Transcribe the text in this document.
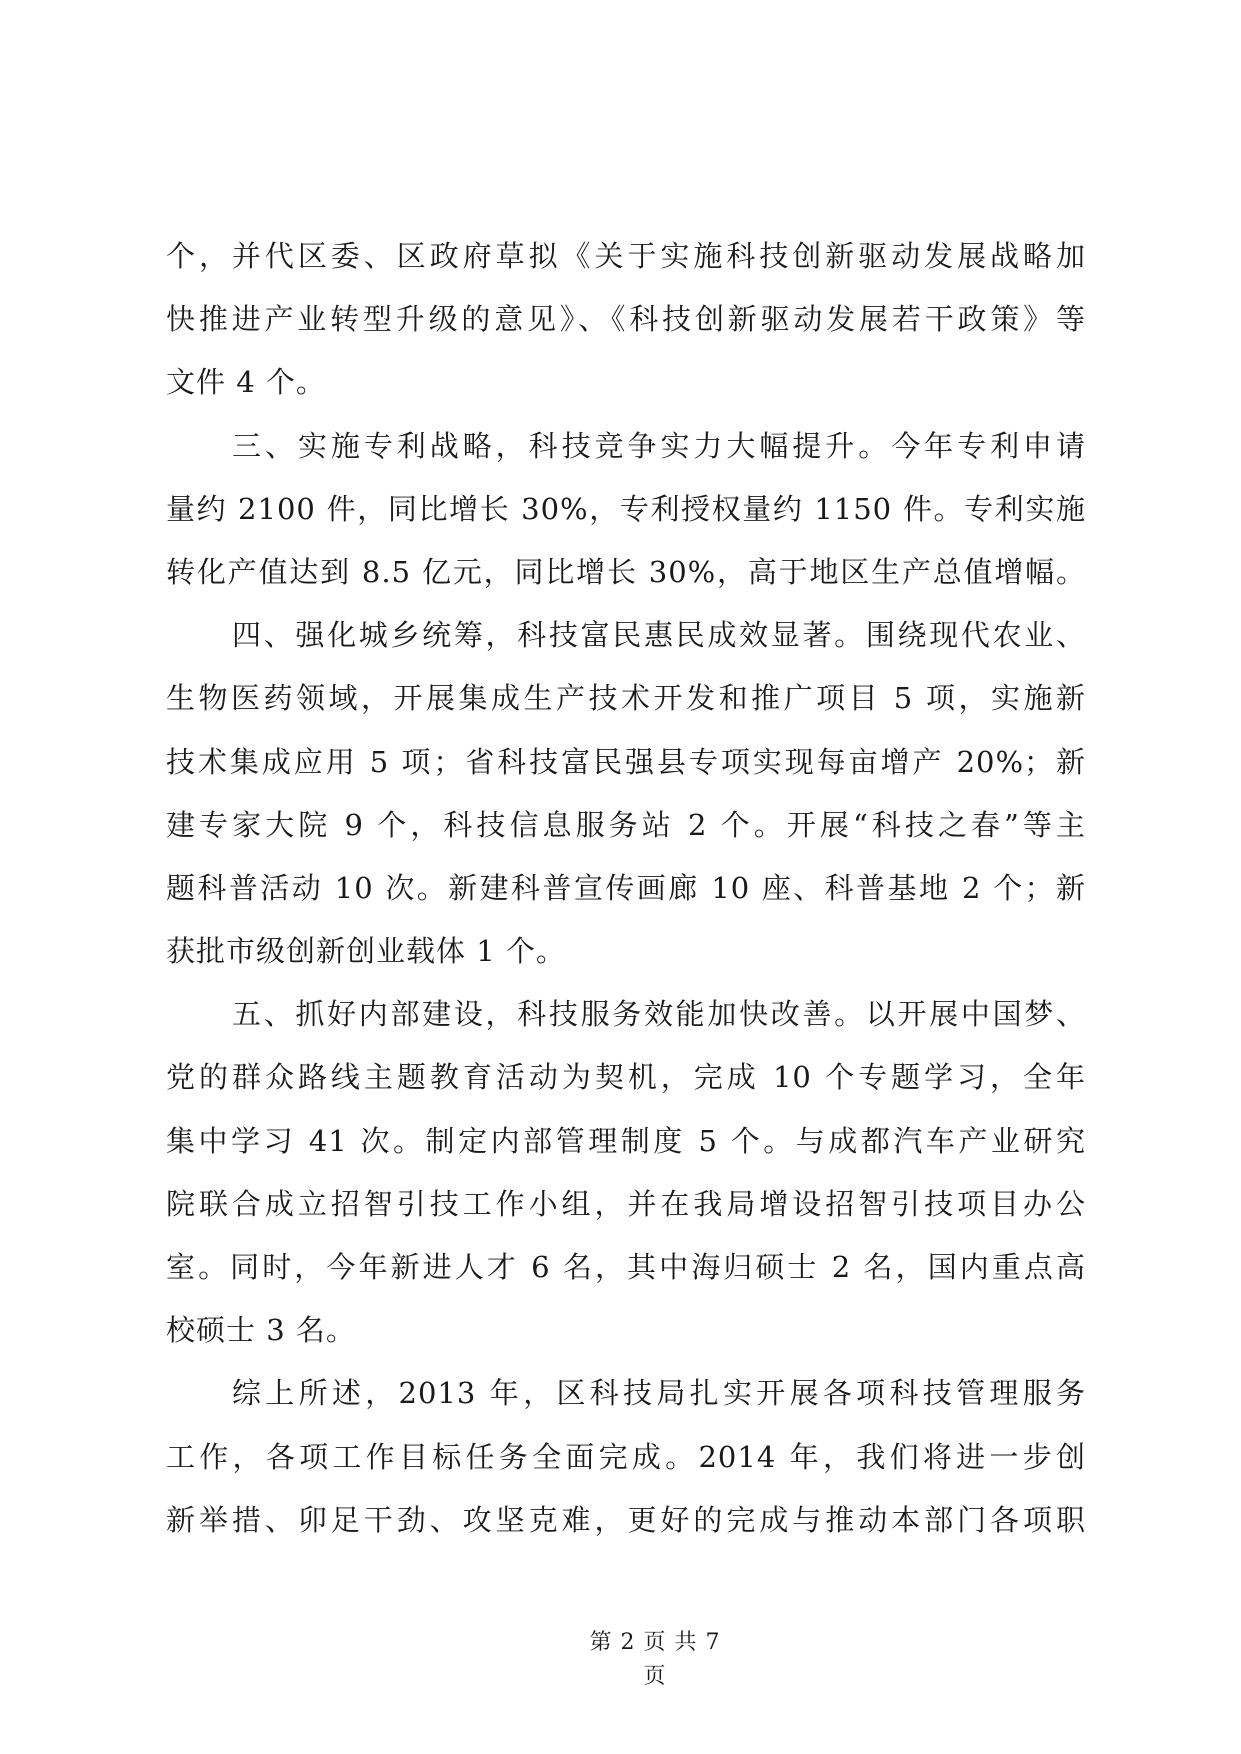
个，并代区委、区政府草拟《关于实施科技创新驱动发展战略加
快推进产业转型升级的意见》、《科技创新驱动发展若干政策》等
文件 4 个。
三、实施专利战略，科技竞争实力大幅提升。今年专利申请
量约 2100 件，同比增长 30%，专利授权量约 1150 件。专利实施
转化产值达到 8.5 亿元，同比增长 30%，高于地区生产总值增幅。
四、强化城乡统筹，科技富民惠民成效显著。围绕现代农业、
生物医药领域，开展集成生产技术开发和推广项目 5 项，实施新
技术集成应用 5 项；省科技富民强县专项实现每亩增产 20%；新
建专家大院 9 个，科技信息服务站 2 个。开展“科技之春”等主
题科普活动 10 次。新建科普宣传画廊 10 座、科普基地 2 个；新
获批市级创新创业载体 1 个。
五、抓好内部建设，科技服务效能加快改善。以开展中国梦、
党的群众路线主题教育活动为契机，完成 10 个专题学习，全年
集中学习 41 次。制定内部管理制度 5 个。与成都汽车产业研究
院联合成立招智引技工作小组，并在我局增设招智引技项目办公
室。同时，今年新进人才 6 名，其中海归硕士 2 名，国内重点高
校硕士 3 名。
综上所述，2013 年，区科技局扎实开展各项科技管理服务
工作，各项工作目标任务全面完成。2014 年，我们将进一步创
新举措、卯足干劲、攻坚克难，更好的完成与推动本部门各项职
第 2 页 共 7 页
